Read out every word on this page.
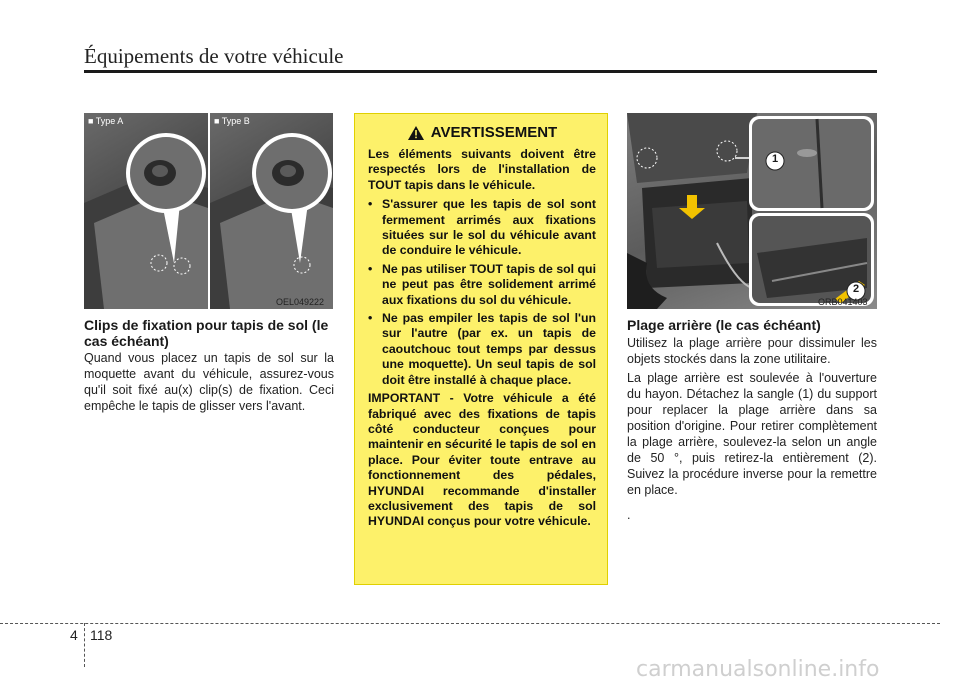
Équipements de votre véhicule
■ Type A	■ Type B
OEL049222
Clips de fixation pour tapis de sol (le cas échéant)
Quand vous placez un tapis de sol sur la moquette avant du véhicule, assurez-vous qu'il soit fixé au(x) clip(s) de fixation. Ceci empêche le tapis de glisser vers l'avant.
AVERTISSEMENT

Les éléments suivants doivent être respectés lors de l'installation de TOUT tapis dans le véhicule.

• S'assurer que les tapis de sol sont fermement arrimés aux fixations situées sur le sol du véhicule avant de conduire le véhicule.
• Ne pas utiliser TOUT tapis de sol qui ne peut pas être solidement arrimé aux fixations du sol du véhicule.
• Ne pas empiler les tapis de sol l'un sur l'autre (par ex. un tapis de caoutchouc tout temps par dessus une moquette). Un seul tapis de sol doit être installé à chaque place.

IMPORTANT - Votre véhicule a été fabriqué avec des fixations de tapis côté conducteur conçues pour maintenir en sécurité le tapis de sol en place. Pour éviter toute entrave au fonctionnement des pédales, HYUNDAI recommande d'installer exclusivement des tapis de sol HYUNDAI conçus pour votre véhicule.

1
2
ORB041403
Plage arrière (le cas échéant)
Utilisez la plage arrière pour dissimuler les objets stockés dans la zone utilitaire.
La plage arrière est soulevée à l'ouverture du hayon. Détachez la sangle (1) du support pour replacer la plage arrière dans sa position d'origine. Pour retirer complètement la plage arrière, soulevez-la selon un angle de 50 °, puis retirez-la entièrement (2). Suivez la procédure inverse pour la remettre en place.
.
4 118
carmanualsonline.info
